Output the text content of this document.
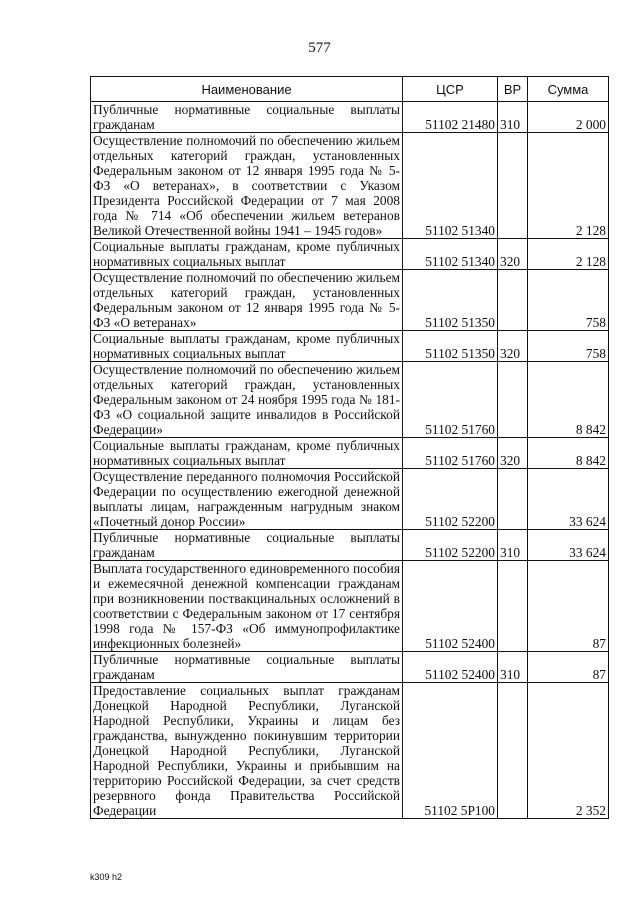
577
Наименование	ЦСР	ВР	Сумма
Публичные нормативные социальные выплаты гражданам	51102 21480	310	2 000
Осуществление полномочий по обеспечению жильем отдельных категорий граждан, установленных Федеральным законом от 12 января 1995 года № 5-ФЗ «О ветеранах», в соответствии с Указом Президента Российской Федерации от 7 мая 2008 года № 714 «Об обеспечении жильем ветеранов Великой Отечественной войны 1941 – 1945 годов»	51102 51340		2 128
Социальные выплаты гражданам, кроме публичных нормативных социальных выплат	51102 51340	320	2 128
Осуществление полномочий по обеспечению жильем отдельных категорий граждан, установленных Федеральным законом от 12 января 1995 года № 5-ФЗ «О ветеранах»	51102 51350		758
Социальные выплаты гражданам, кроме публичных нормативных социальных выплат	51102 51350	320	758
Осуществление полномочий по обеспечению жильем отдельных категорий граждан, установленных Федеральным законом от 24 ноября 1995 года № 181-ФЗ «О социальной защите инвалидов в Российской Федерации»	51102 51760		8 842
Социальные выплаты гражданам, кроме публичных нормативных социальных выплат	51102 51760	320	8 842
Осуществление переданного полномочия Российской Федерации по осуществлению ежегодной денежной выплаты лицам, награжденным нагрудным знаком «Почетный донор России»	51102 52200		33 624
Публичные нормативные социальные выплаты гражданам	51102 52200	310	33 624
Выплата государственного единовременного пособия и ежемесячной денежной компенсации гражданам при возникновении поствакцинальных осложнений в соответствии с Федеральным законом от 17 сентября 1998 года № 157-ФЗ «Об иммунопрофилактике инфекционных болезней»	51102 52400		87
Публичные нормативные социальные выплаты гражданам	51102 52400	310	87
Предоставление социальных выплат гражданам Донецкой Народной Республики, Луганской Народной Республики, Украины и лицам без гражданства, вынужденно покинувшим территории Донецкой Народной Республики, Луганской Народной Республики, Украины и прибывшим на территорию Российской Федерации, за счет средств резервного фонда Правительства Российской Федерации	51102 5Р100		2 352
k309 h2
